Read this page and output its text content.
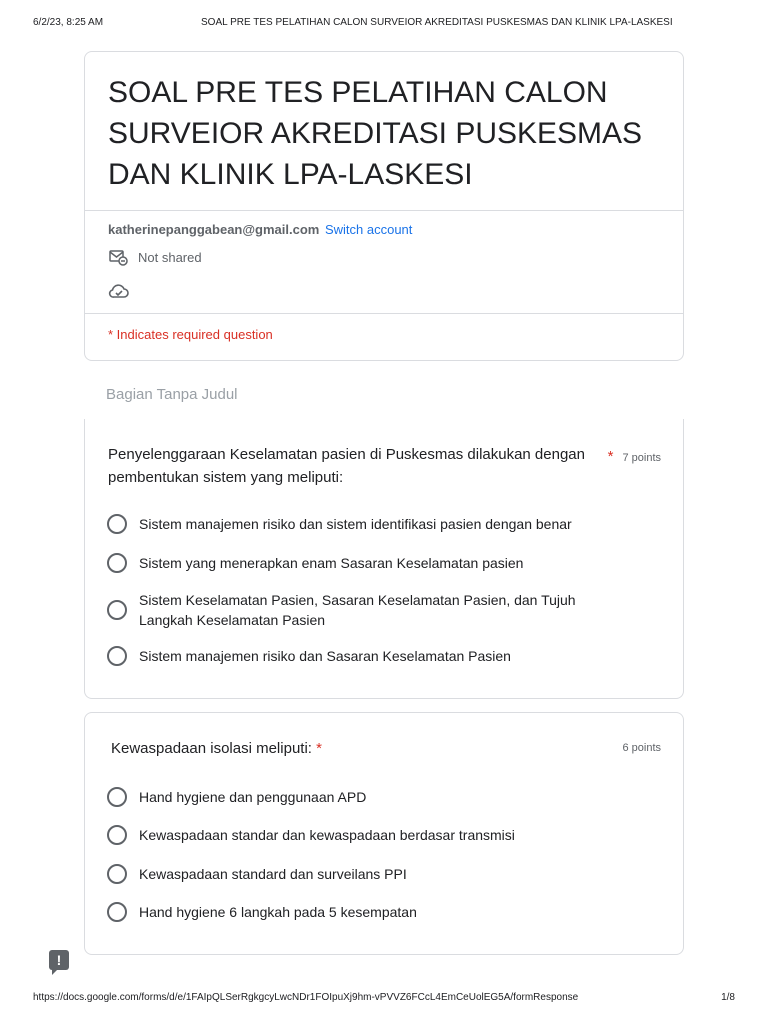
6/2/23, 8:25 AM	SOAL PRE TES PELATIHAN CALON SURVEIOR AKREDITASI PUSKESMAS DAN KLINIK LPA-LASKESI
SOAL PRE TES PELATIHAN CALON SURVEIOR AKREDITASI PUSKESMAS DAN KLINIK LPA-LASKESI
katherinepanggabean@gmail.com Switch account
Not shared
* Indicates required question
Bagian Tanpa Judul
Penyelenggaraan Keselamatan pasien di Puskesmas dilakukan dengan pembentukan sistem yang meliputi:
* 7 points
Sistem manajemen risiko dan sistem identifikasi pasien dengan benar
Sistem yang menerapkan enam Sasaran Keselamatan pasien
Sistem Keselamatan Pasien, Sasaran Keselamatan Pasien, dan Tujuh Langkah Keselamatan Pasien
Sistem manajemen risiko dan Sasaran Keselamatan Pasien
Kewaspadaan isolasi meliputi: *	6 points
Hand hygiene dan penggunaan APD
Kewaspadaan standar dan kewaspadaan berdasar transmisi
Kewaspadaan standard dan surveilans PPI
Hand hygiene 6 langkah pada 5 kesempatan
!
https://docs.google.com/forms/d/e/1FAIpQLSerRgkgcyLwcNDr1FOIpuXj9hm-vPVVZ6FCcL4EmCeUolEG5A/formResponse	1/8
